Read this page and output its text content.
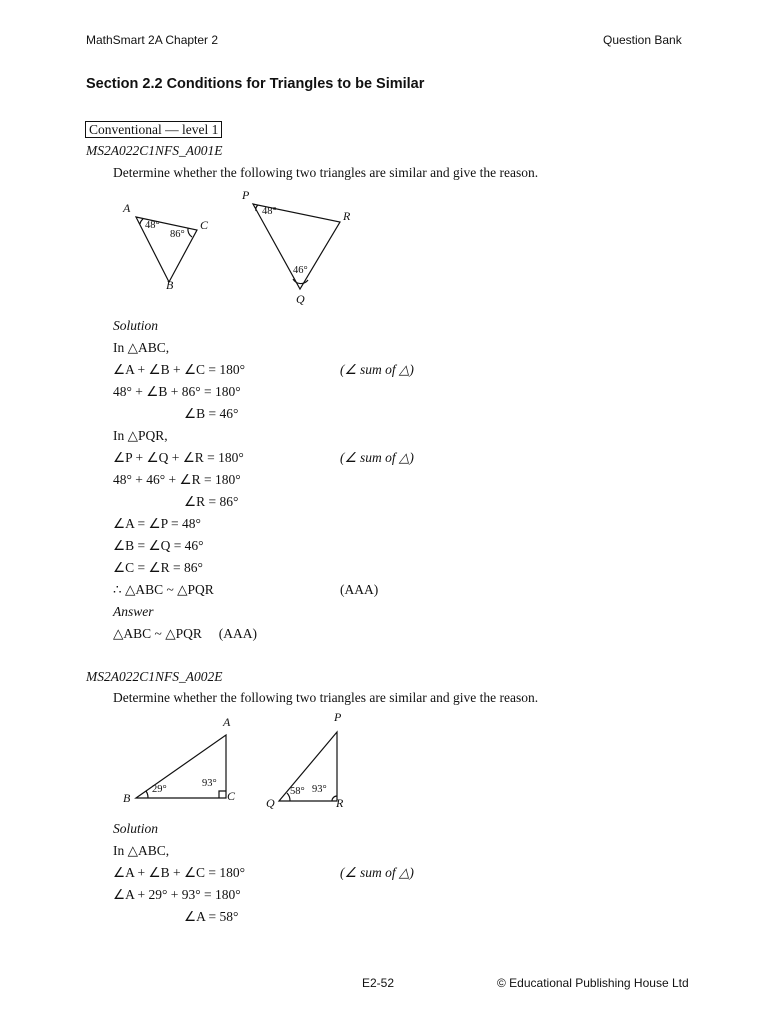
MathSmart 2A Chapter 2	Question Bank
Section 2.2 Conditions for Triangles to be Similar
Conventional — level 1
MS2A022C1NFS_A001E
Determine whether the following two triangles are similar and give the reason.
A
C
B
48°
86°
P
R
Q
48°
46°
Solution
In △ABC,
∠A + ∠B + ∠C = 180°	(∠ sum of △)
48° + ∠B + 86° = 180°
∠B = 46°
In △PQR,
∠P + ∠Q + ∠R = 180°	(∠ sum of △)
48° + 46° + ∠R = 180°
∠R = 86°
∠A = ∠P = 48°
∠B = ∠Q = 46°
∠C = ∠R = 86°
∴ △ABC ~ △PQR	(AAA)
Answer
△ABC ~ △PQR     (AAA)
MS2A022C1NFS_A002E
Determine whether the following two triangles are similar and give the reason.
A
B	C
29°
93°
P
Q	R
58° 93°
Solution
In △ABC,
∠A + ∠B + ∠C = 180°	(∠ sum of △)
∠A + 29° + 93° = 180°
∠A = 58°
E2-52	© Educational Publishing House Ltd
